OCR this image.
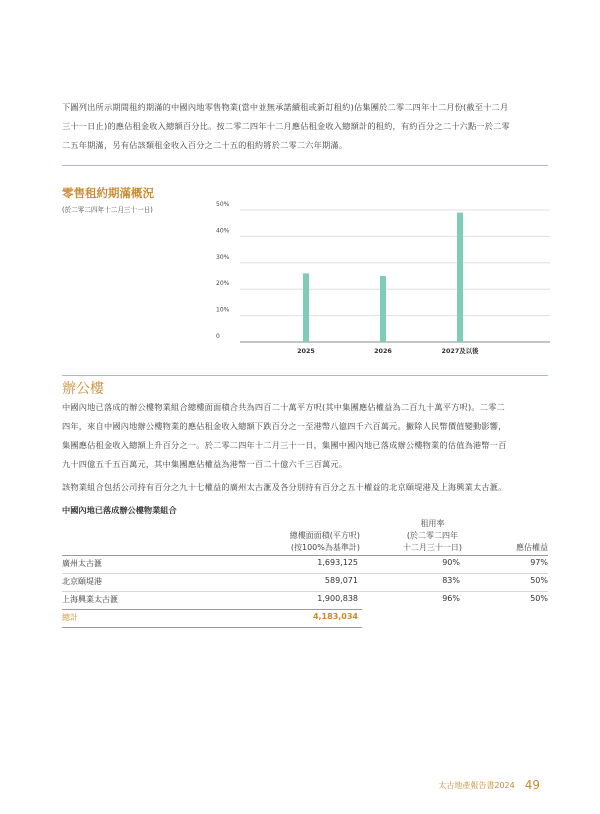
下圖列出所示期間租約期滿的中國內地零售物業(當中並無承諾續租或新訂租約)佔集團於二零二四年十二月份(截至十二月
三十一日止)的應佔租金收入總額百分比。按二零二四年十二月應佔租金收入總額計的租約，有約百分之二十六點一於二零
二五年期滿，另有佔該類租金收入百分之二十五的租約將於二零二六年期滿。
零售租約期滿概況
(於二零二四年十二月三十一日)
0
10%
20%
30%
40%
50%
2025	2026	2027及以後
辦公樓
中國內地已落成的辦公樓物業組合總樓面面積合共為四百二十萬平方呎(其中集團應佔權益為二百九十萬平方呎)。二零二
四年，來自中國內地辦公樓物業的應佔租金收入總額下跌百分之一至港幣八億四千六百萬元。撇除人民幣價值變動影響，
集團應佔租金收入總額上升百分之一。於二零二四年十二月三十一日，集團中國內地已落成辦公樓物業的估值為港幣一百
九十四億五千五百萬元，其中集團應佔權益為港幣一百二十億六千三百萬元。
該物業組合包括公司持有百分之九十七權益的廣州太古滙及各分別持有百分之五十權益的北京頤堤港及上海興業太古滙。
中國內地已落成辦公樓物業組合
總樓面面積(平方呎)
(按100%為基準計)
租用率
(於二零二四年
十二月三十一日)	應佔權益
廣州太古滙	1,693,125	90%	97%
北京頤堤港	589,071	83%	50%
上海興業太古滙	1,900,838	96%	50%
總計	4,183,034
太古地產報告書2024 49
